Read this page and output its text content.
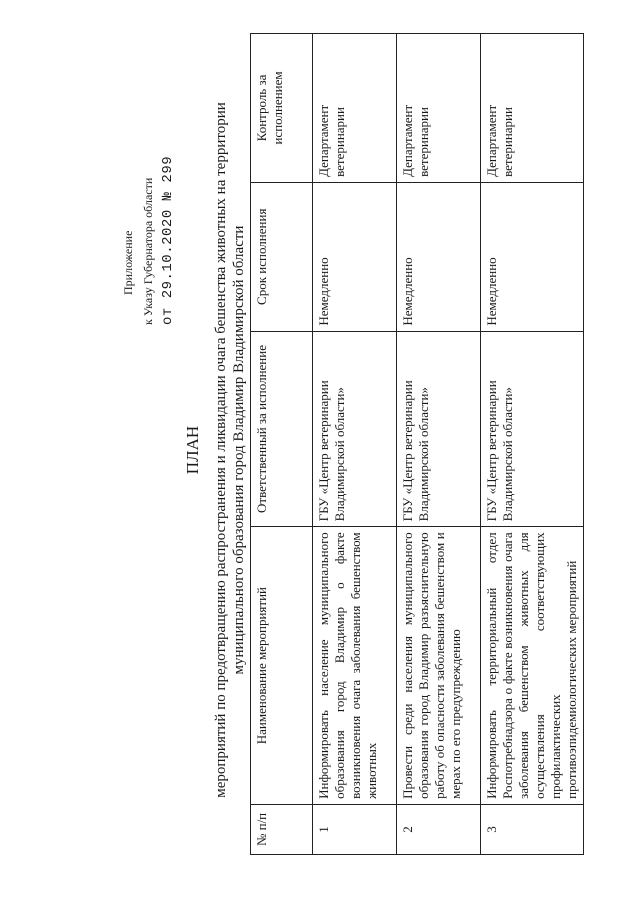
Приложение к Указу Губернатора области от 29.10.2020 № 299
ПЛАН мероприятий по предотвращению распространения и ликвидации очага бешенства животных на территории муниципального образования город Владимир Владимирской области

№ п/п	Наименование мероприятий	Ответственный за исполнение	Срок исполнения	Контроль за исполнением
1	Информировать население муниципального образования город Владимир о факте возникновения очага заболевания бешенством животных	ГБУ «Центр ветеринарии Владимирской области»	Немедленно	Департамент ветеринарии
2	Провести среди населения муниципального образования город Владимир разъяснительную работу об опасности заболевания бешенством и мерах по его предупреждению	ГБУ «Центр ветеринарии Владимирской области»	Немедленно	Департамент ветеринарии
3	Информировать территориальный отдел Роспотребнадзора о факте возникновения очага заболевания бешенством животных для осуществления соответствующих профилактических противоэпидемиологических мероприятий	ГБУ «Центр ветеринарии Владимирской области»	Немедленно	Департамент ветеринарии
